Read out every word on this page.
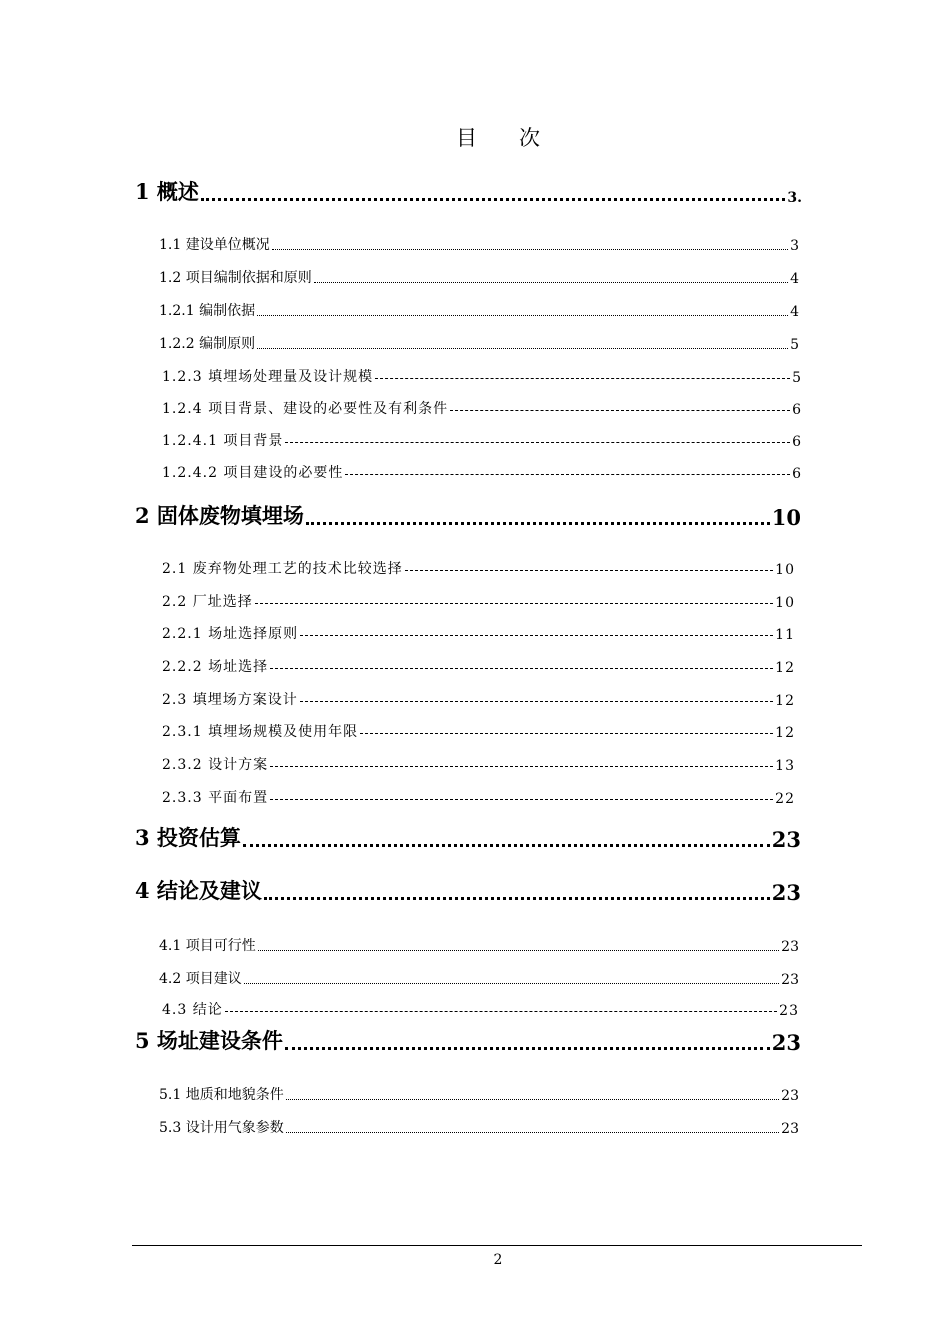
目　　次
1 概述	3.
1.1 建设单位概况	3
1.2 项目编制依据和原则	4
1.2.1 编制依据	4
1.2.2 编制原则	5
1.2.3 填埋场处理量及设计规模	5
1.2.4 项目背景、建设的必要性及有利条件	6
1.2.4.1 项目背景	6
1.2.4.2 项目建设的必要性	6
2 固体废物填埋场	10
2.1 废弃物处理工艺的技术比较选择	10
2.2 厂址选择	10
2.2.1 场址选择原则	11
2.2.2 场址选择	12
2.3 填埋场方案设计	12
2.3.1 填埋场规模及使用年限	12
2.3.2 设计方案	13
2.3.3 平面布置	22
3 投资估算	23
4 结论及建议	23
4.1 项目可行性	23
4.2 项目建议	23
4.3 结论	23
5 场址建设条件	23
5.1 地质和地貌条件	23
5.3 设计用气象参数	23
2
